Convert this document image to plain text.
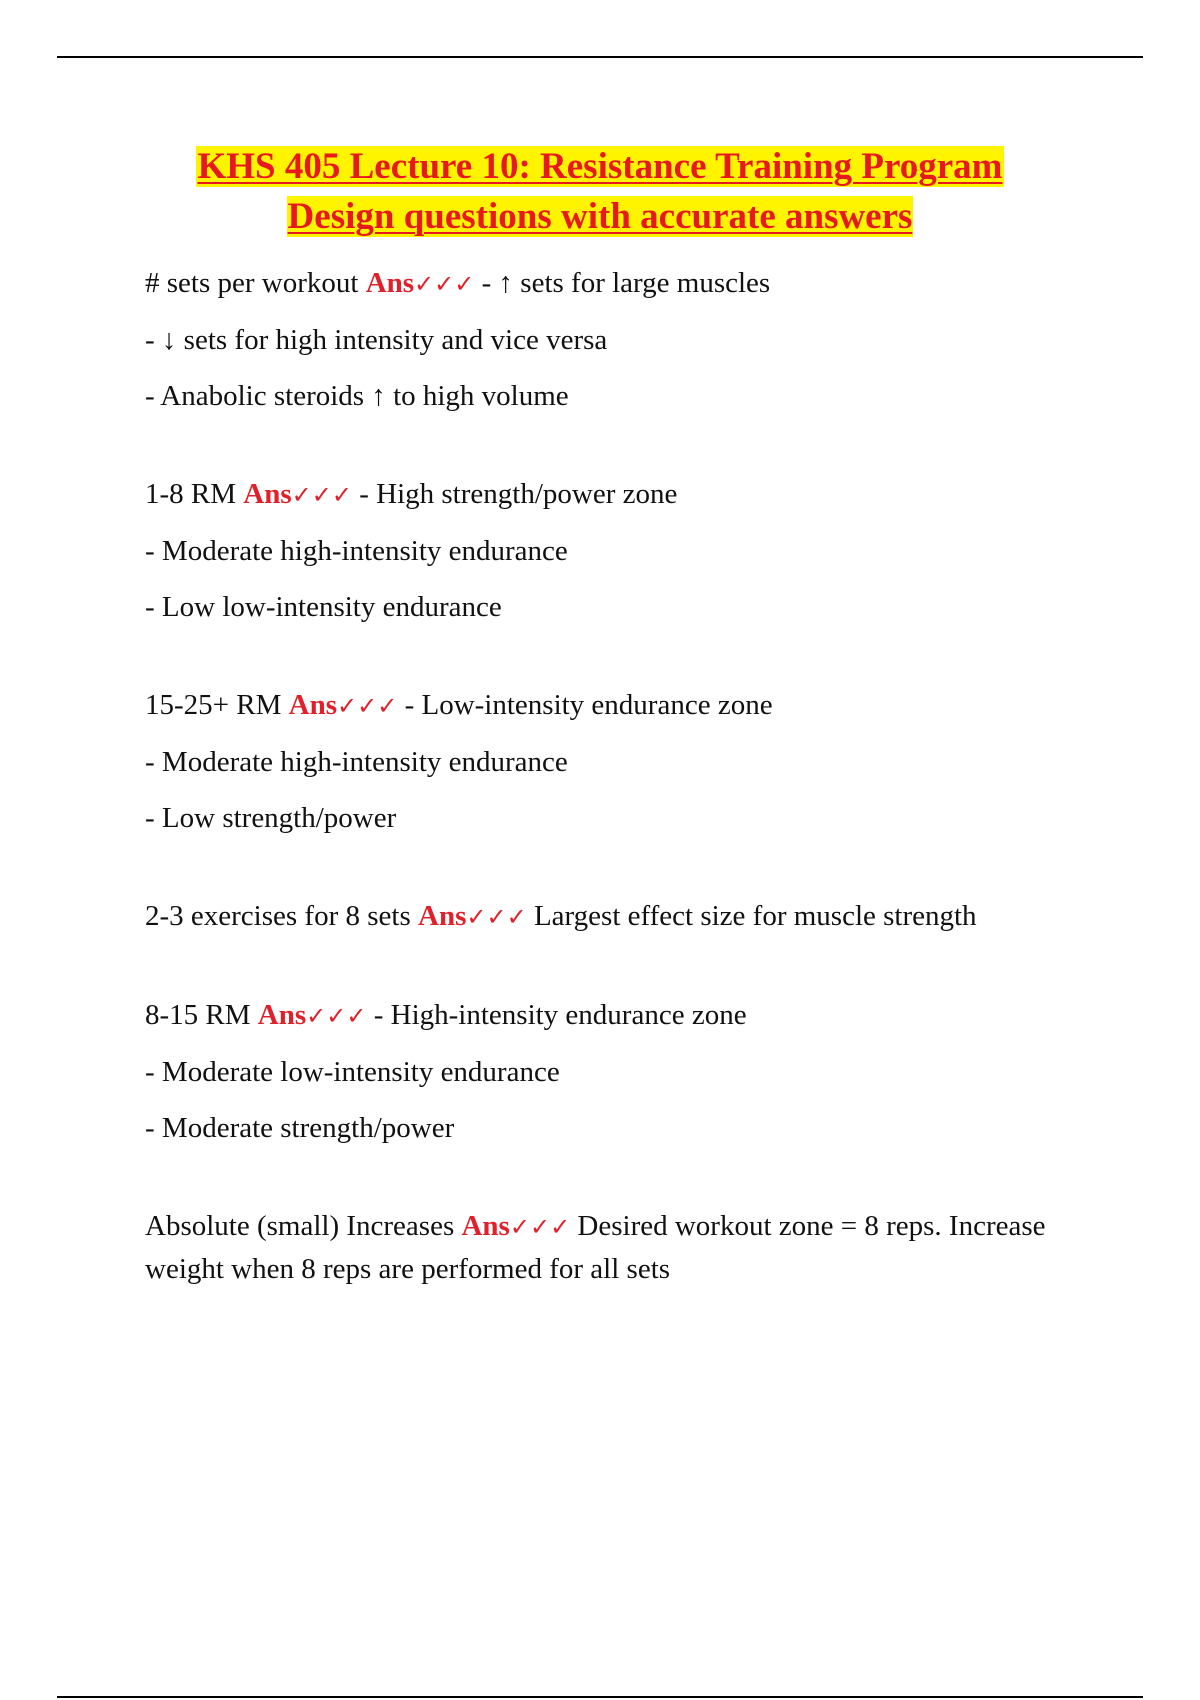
KHS 405 Lecture 10: Resistance Training Program
Design questions with accurate answers
# sets per workout Ans✓✓✓ - ↑ sets for large muscles
- ↓ sets for high intensity and vice versa
- Anabolic steroids ↑ to high volume
1-8 RM Ans✓✓✓ - High strength/power zone
- Moderate high-intensity endurance
- Low low-intensity endurance
15-25+ RM Ans✓✓✓ - Low-intensity endurance zone
- Moderate high-intensity endurance
- Low strength/power
2-3 exercises for 8 sets Ans✓✓✓ Largest effect size for muscle strength
8-15 RM Ans✓✓✓ - High-intensity endurance zone
- Moderate low-intensity endurance
- Moderate strength/power
Absolute (small) Increases Ans✓✓✓ Desired workout zone = 8 reps. Increase weight when 8 reps are performed for all sets
